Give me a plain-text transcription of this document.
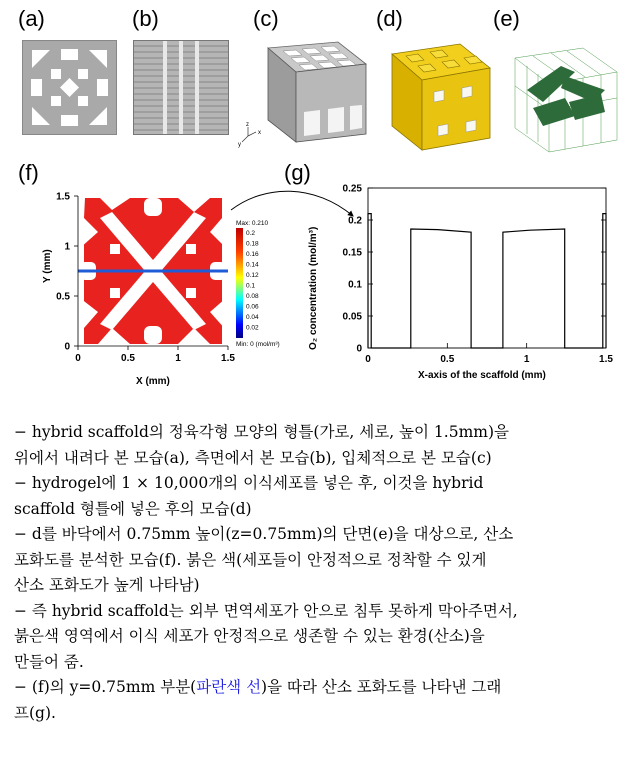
(a)	(b)	(c)	(d)	(e)
(f)	(g)
z
y
x
0	0.5	1	1.5
0
0.5
1
1.5
X (mm)
Y (mm)
Max: 0.210
0.2
0.18
0.16
0.14
0.12
0.1
0.08
0.06
0.04
0.02
Min: 0 (mol/m³)	0
0.05
0.1
0.15
0.2
0.25
0	0.5	1	1.5
X-axis of the scaffold (mm)
O₂ concentration (mol/m³)

− hybrid scaffold의 정육각형 모양의 형틀(가로, 세로, 높이 1.5mm)을

위에서 내려다 본 모습(a), 측면에서 본 모습(b), 입체적으로 본 모습(c)

− hydrogel에 1 × 10,000개의 이식세포를 넣은 후, 이것을 hybrid

scaffold 형틀에 넣은 후의 모습(d)

− d를 바닥에서 0.75mm 높이(z=0.75mm)의 단면(e)을 대상으로, 산소

포화도를 분석한 모습(f). 붉은 색(세포들이 안정적으로 정착할 수 있게

산소 포화도가 높게 나타남)

− 즉 hybrid scaffold는 외부 면역세포가 안으로 침투 못하게 막아주면서,

붉은색 영역에서 이식 세포가 안정적으로 생존할 수 있는 환경(산소)을

만들어 줌.

− (f)의 y=0.75mm 부분(파란색 선)을 따라 산소 포화도를 나타낸 그래

프(g).
